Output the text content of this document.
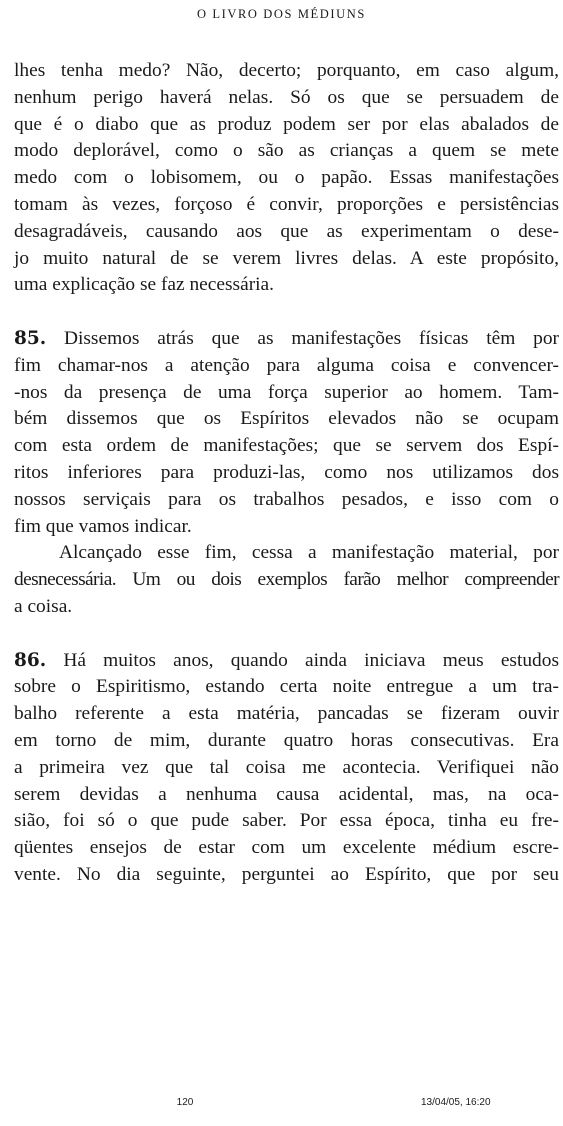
O LIVRO DOS MÉDIUNS
lhes tenha medo? Não, decerto; porquanto, em caso algum,
nenhum perigo haverá nelas. Só os que se persuadem de
que é o diabo que as produz podem ser por elas abalados de
modo deplorável, como o são as crianças a quem se mete
medo com o lobisomem, ou o papão. Essas manifestações
tomam às vezes, forçoso é convir, proporções e persistências
desagradáveis, causando aos que as experimentam o dese-
jo muito natural de se verem livres delas. A este propósito,
uma explicação se faz necessária.
85. Dissemos atrás que as manifestações físicas têm por
fim chamar-nos a atenção para alguma coisa e convencer-
-nos da presença de uma força superior ao homem. Tam-
bém dissemos que os Espíritos elevados não se ocupam
com esta ordem de manifestações; que se servem dos Espí-
ritos inferiores para produzi-las, como nos utilizamos dos
nossos serviçais para os trabalhos pesados, e isso com o
fim que vamos indicar.
Alcançado esse fim, cessa a manifestação material, por
desnecessária. Um ou dois exemplos farão melhor compreender
a coisa.
86. Há muitos anos, quando ainda iniciava meus estudos
sobre o Espiritismo, estando certa noite entregue a um tra-
balho referente a esta matéria, pancadas se fizeram ouvir
em torno de mim, durante quatro horas consecutivas. Era
a primeira vez que tal coisa me acontecia. Verifiquei não
serem devidas a nenhuma causa acidental, mas, na oca-
sião, foi só o que pude saber. Por essa época, tinha eu fre-
qüentes ensejos de estar com um excelente médium escre-
vente. No dia seguinte, perguntei ao Espírito, que por seu
120	13/04/05, 16:20
